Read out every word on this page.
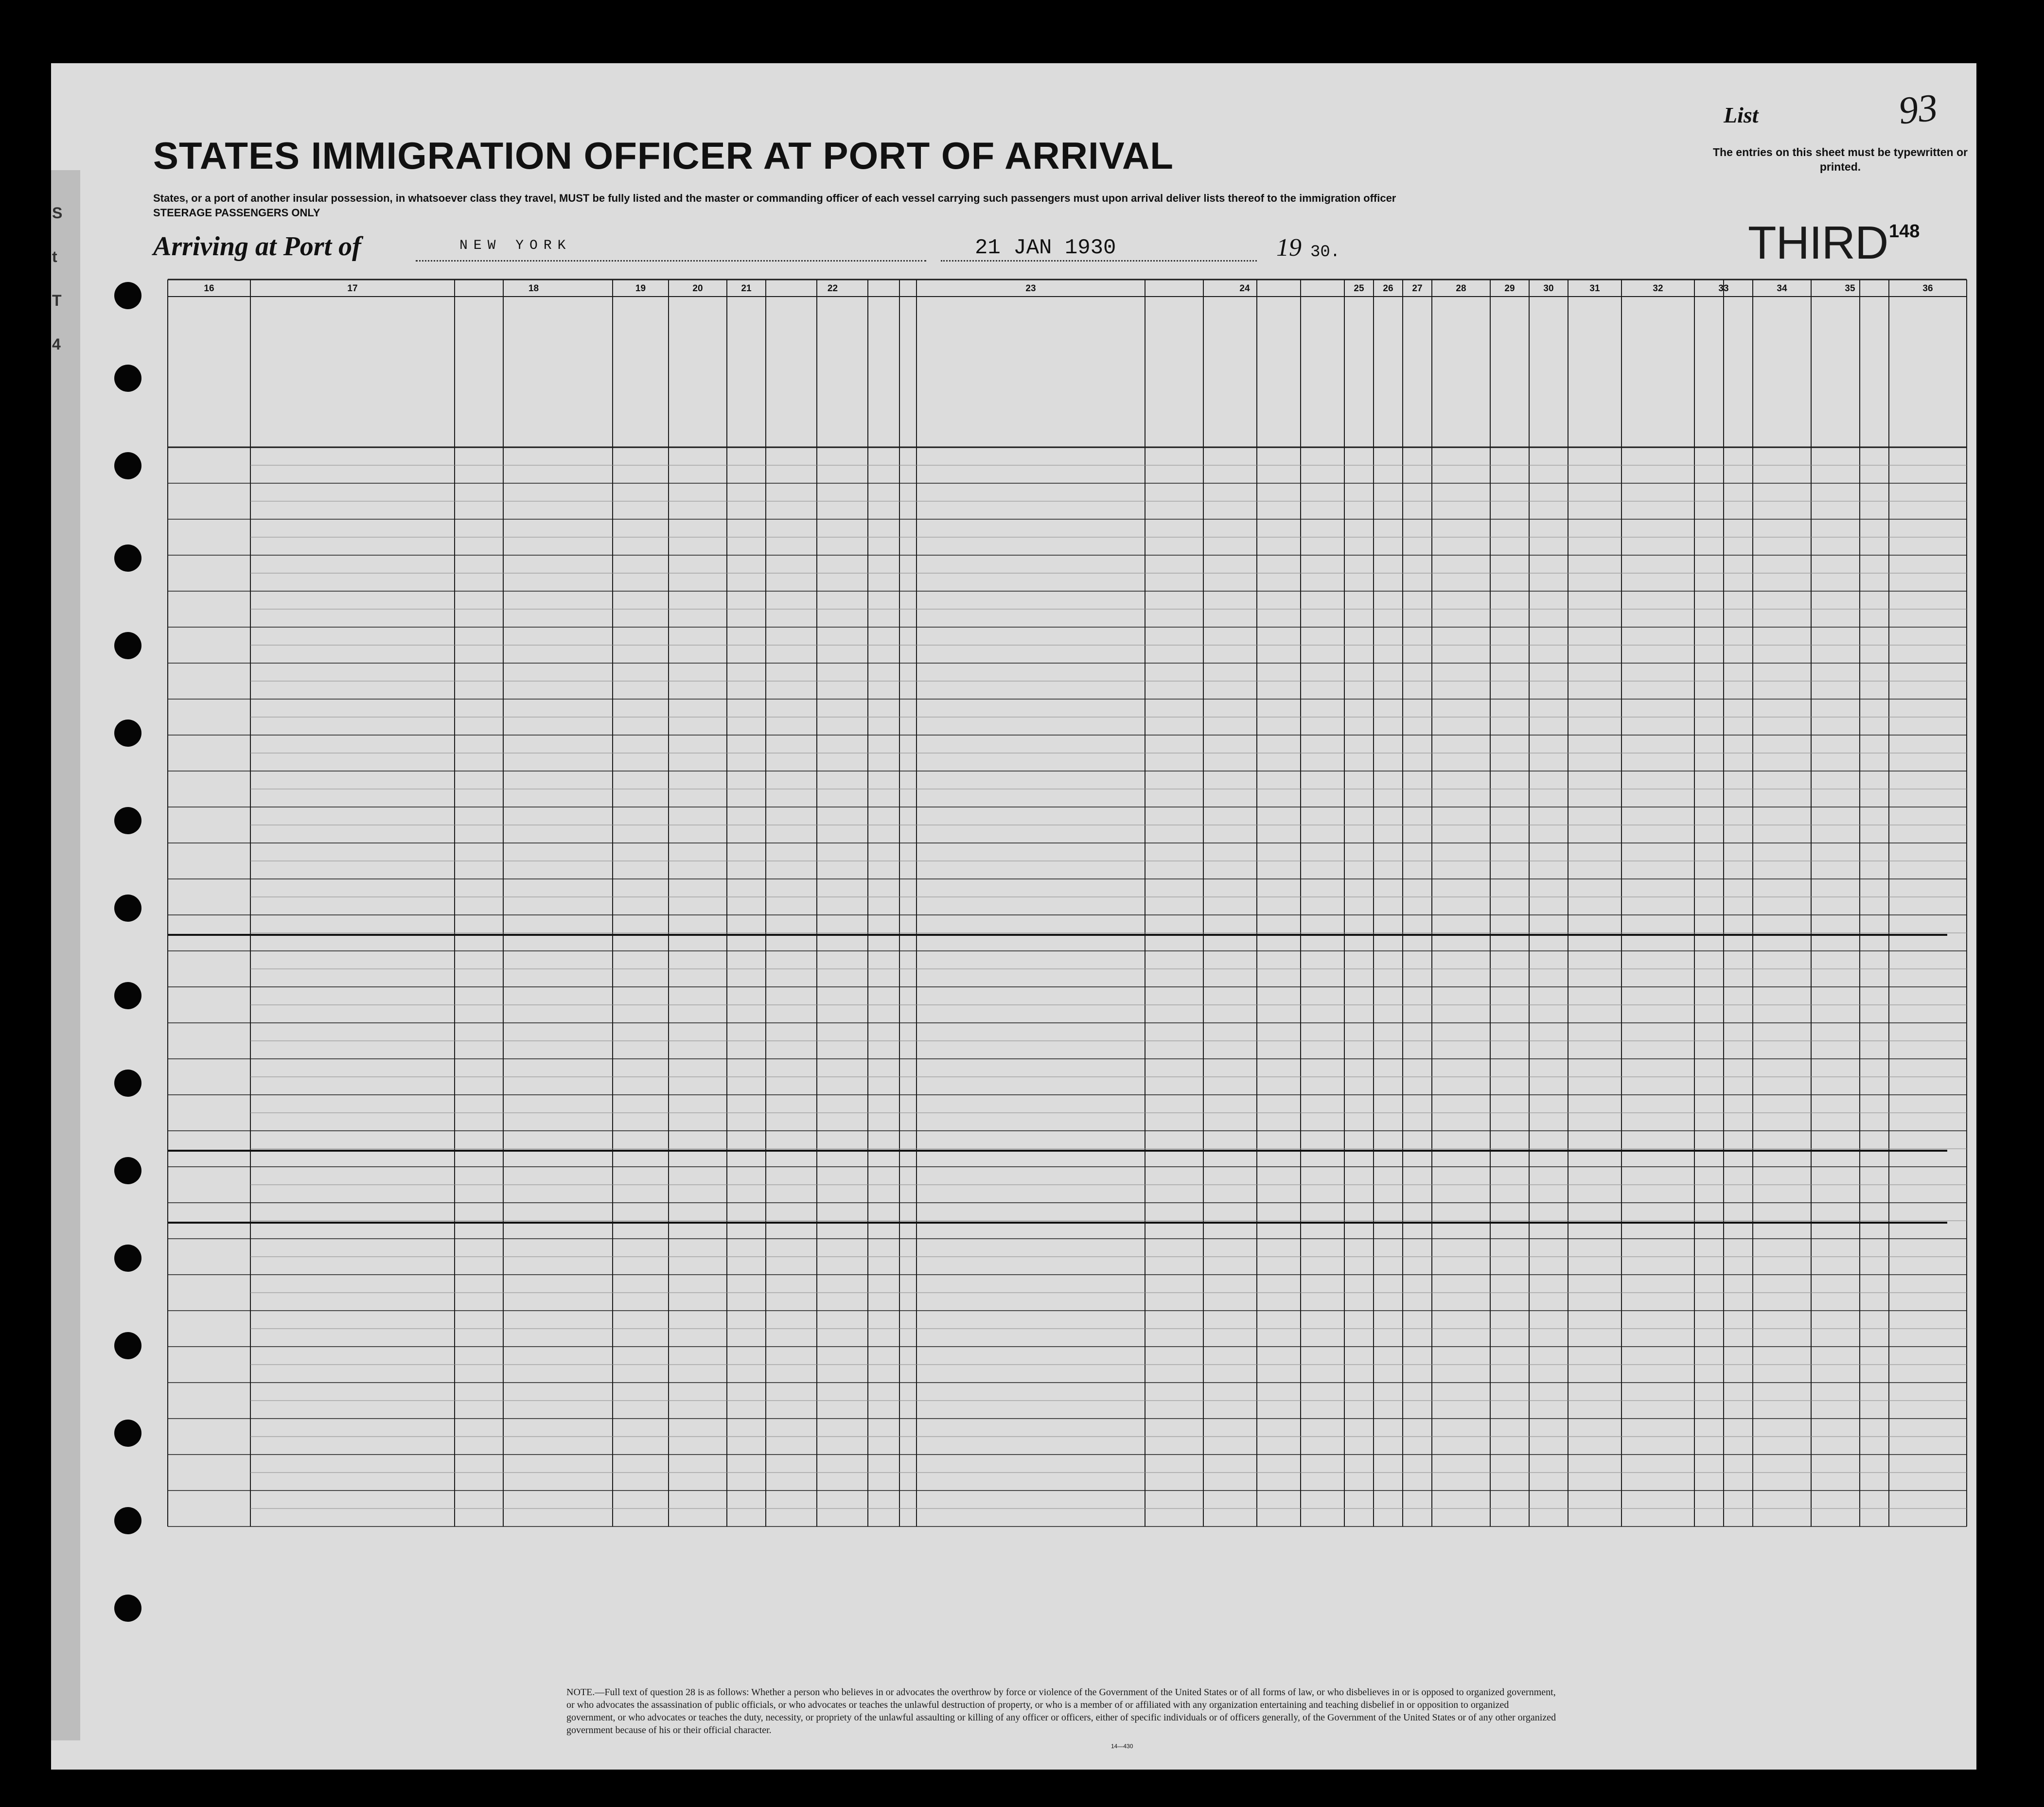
S
t
T
4
STATES IMMIGRATION OFFICER AT PORT OF ARRIVAL
States, or a port of another insular possession, in whatsoever class they travel, MUST be fully listed and the master or commanding officer of each vessel carrying such passengers must upon arrival deliver lists thereof to the immigration officer
STEERAGE PASSENGERS ONLY
List	93
The entries on this sheet must be typewritten or printed.
THIRD 148
Arriving at Port of	NEW YORK	21 JAN 1930	19 30.
16	17	18	19	20	21	22	23	24	25	26	27	28	29	30	31	32	33	34	35	36
NOTE.—Full text of question 28 is as follows: Whether a person who believes in or advocates the overthrow by force or violence of the Government of the United States or of all forms of law, or who disbelieves in or is opposed to organized government, or who advocates the assassination of public officials, or who advocates or teaches the unlawful destruction of property, or who is a member of or affiliated with any organization entertaining and teaching disbelief in or opposition to organized government, or who advocates or teaches the duty, necessity, or propriety of the unlawful assaulting or killing of any officer or officers, either of specific individuals or of officers generally, of the Government of the United States or of any other organized government because of his or their official character.
14—430
